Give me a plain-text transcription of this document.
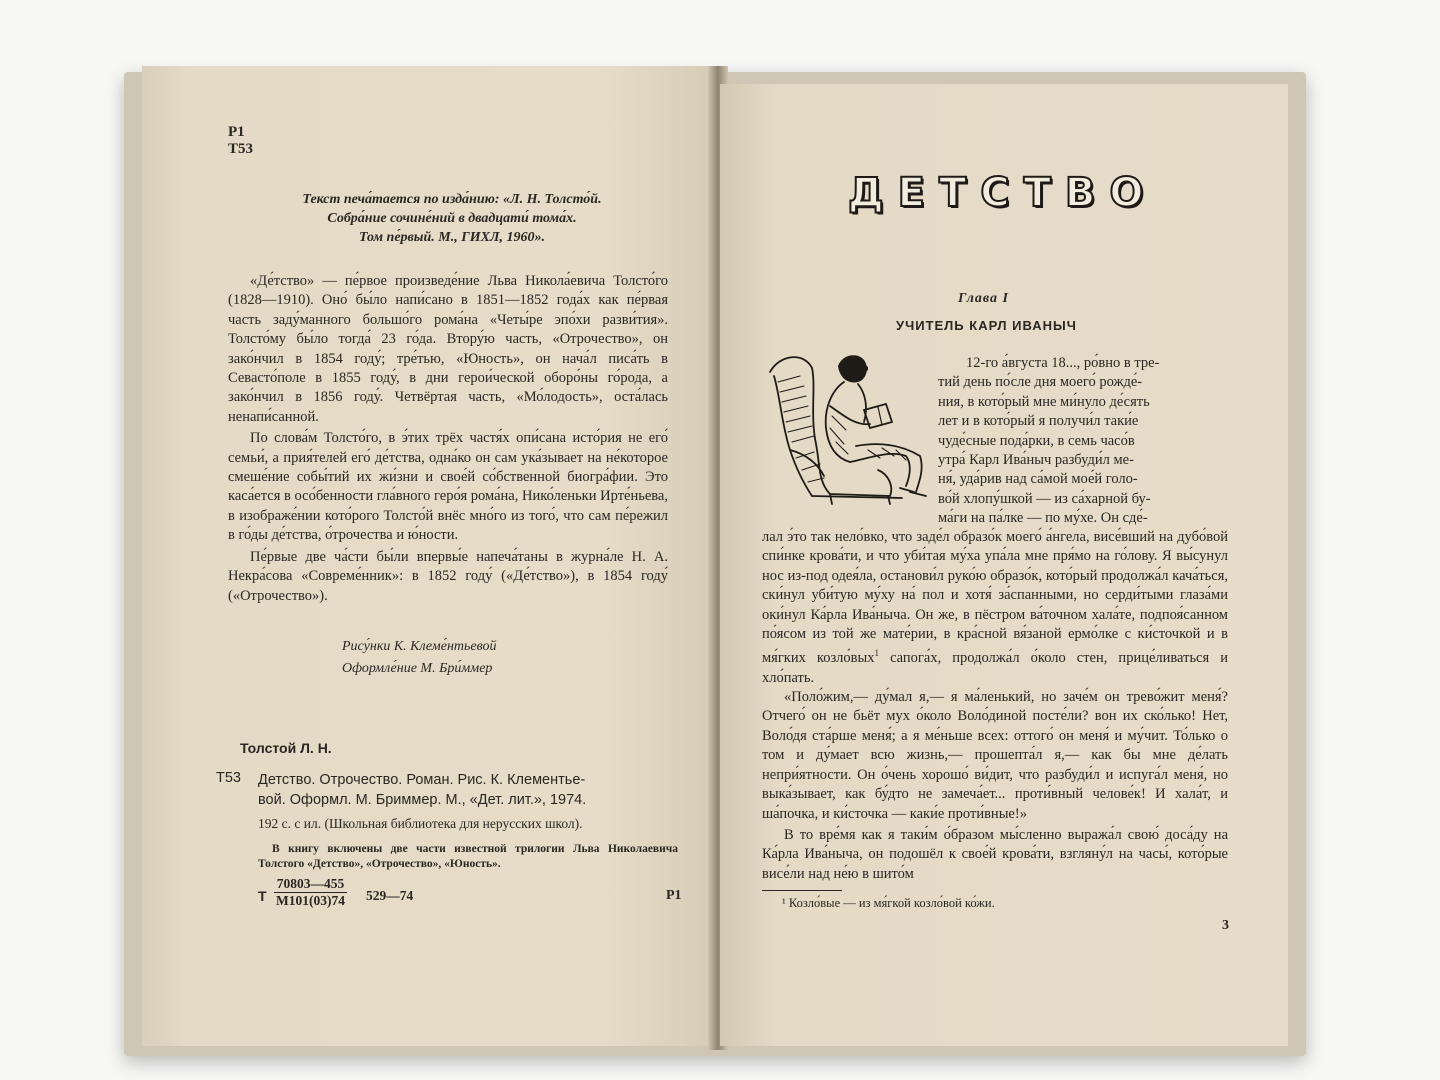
Р1
Т53
Текст печа́тается по изда́нию: «Л. Н. Толсто́й.
Собра́ние сочине́ний в двадцати́ тома́х.
Том пе́рвый. М., ГИХЛ, 1960».

«Де́тство» — пе́рвое произведе́ние Льва Никола́евича Толсто́го (1828—1910). Оно́ бы́ло напи́сано в 1851—1852 года́х как пе́рвая часть заду́манного большо́го рома́на «Четы́ре эпо́хи разви́тия». Толсто́му бы́ло тогда́ 23 го́да. Втору́ю часть, «Отрочество», он зако́нчил в 1854 году́; тре́тью, «Юность», он нача́л писа́ть в Севасто́поле в 1855 году́, в дни герои́ческой оборо́ны го́рода, а зако́нчил в 1856 году́. Четвёртая часть, «Мо́лодость», оста́лась ненапи́санной.

По слова́м Толсто́го, в э́тих трёх частя́х опи́сана исто́рия не его́ семьи́, а прия́телей его́ де́тства, одна́ко он сам ука́зывает на не́которое смеше́ние собы́тий их жи́зни и свое́й со́бственной биогра́фии. Это каса́ется в осо́бенности гла́вного геро́я рома́на, Нико́леньки Ирте́ньева, в изображе́нии кото́рого Толсто́й внёс мно́го из того́, что сам пе́режил в го́ды де́тства, о́трочества и ю́ности.

Пе́рвые две ча́сти бы́ли впервы́е напеча́таны в журна́ле Н. А. Некра́сова «Совреме́нник»: в 1852 году́ («Де́тство»), в 1854 году́ («Отрочество»).

Рису́нки К. Клеме́нтьевой
Оформле́ние М. Бри́ммер
Толстой Л. Н.
Т53 Детство. Отрочество. Роман. Рис. К. Клементье-
вой. Оформл. М. Бриммер. М., «Дет. лит.», 1974.
192 с. с ил. (Школьная библиотека для нерусских школ).
В книгу включены две части известной трилогии Льва Николаевича Толстого «Детство», «Отрочество», «Юность».
Т
70803—455
М101(03)74 529—74	Р1
ДЕТСТВО
Глава I
УЧИТЕЛЬ КАРЛ ИВАНЫЧ
12-го а́вгуста 18..., ро́вно в тре-
тий день по́сле дня моего́ рожде́-
ния, в кото́рый мне ми́нуло де́сять
лет и в кото́рый я получи́л таки́е
чуде́сные пода́рки, в семь часо́в
утра́ Карл Ива́ныч разбуди́л ме-
ня́, уда́рив над са́мой мое́й голо-
во́й хлопу́шкой — из са́харной бу-
ма́ги на па́лке — по му́хе. Он сде́-
лал э́то так нело́вко, что заде́л образо́к моего́ а́нгела, висе́вший на дубо́вой спи́нке крова́ти, и что уби́тая му́ха упа́ла мне пря́мо на го́лову. Я вы́сунул нос из-под одея́ла, останови́л руко́ю образо́к, кото́рый продолжа́л кача́ться, ски́нул уби́тую му́ху на́ пол и хотя́ за́спанными, но серди́тыми глаза́ми оки́нул Ка́рла Ива́ныча. Он же, в пёстром ва́точном хала́те, подпоя́санном по́ясом из той же мате́рии, в кра́сной вя́заной ермо́лке с ки́сточкой и в мя́гких козло́вых$^1$ сапога́х, продолжа́л о́коло стен, прице́ливаться и хло́пать.

«Поло́жим,— ду́мал я,— я ма́ленький, но заче́м он трево́жит меня́? Отчего́ он не бьёт мух о́коло Воло́диной посте́ли? вон их ско́лько! Нет, Воло́дя ста́рше меня́; а я ме́ньше всех: оттого́ он меня́ и му́чит. То́лько о том и ду́мает всю жизнь,— прошепта́л я,— как бы мне де́лать непри́ятности. Он о́чень хорошо́ ви́дит, что разбуди́л и испуга́л меня́, но выка́зывает, как бу́дто не замеча́ет... проти́вный челове́к! И хала́т, и ша́почка, и ки́сточка — каки́е проти́вные!»

В то вре́мя как я таки́м о́бразом мы́сленно выража́л свою́ доса́ду на Ка́рла Ива́ныча, он подошёл к свое́й крова́ти, взгляну́л на часы́, кото́рые висе́ли над не́ю в шито́м

¹ Козло́вые — из мя́гкой козло́вой ко́жи.
3
